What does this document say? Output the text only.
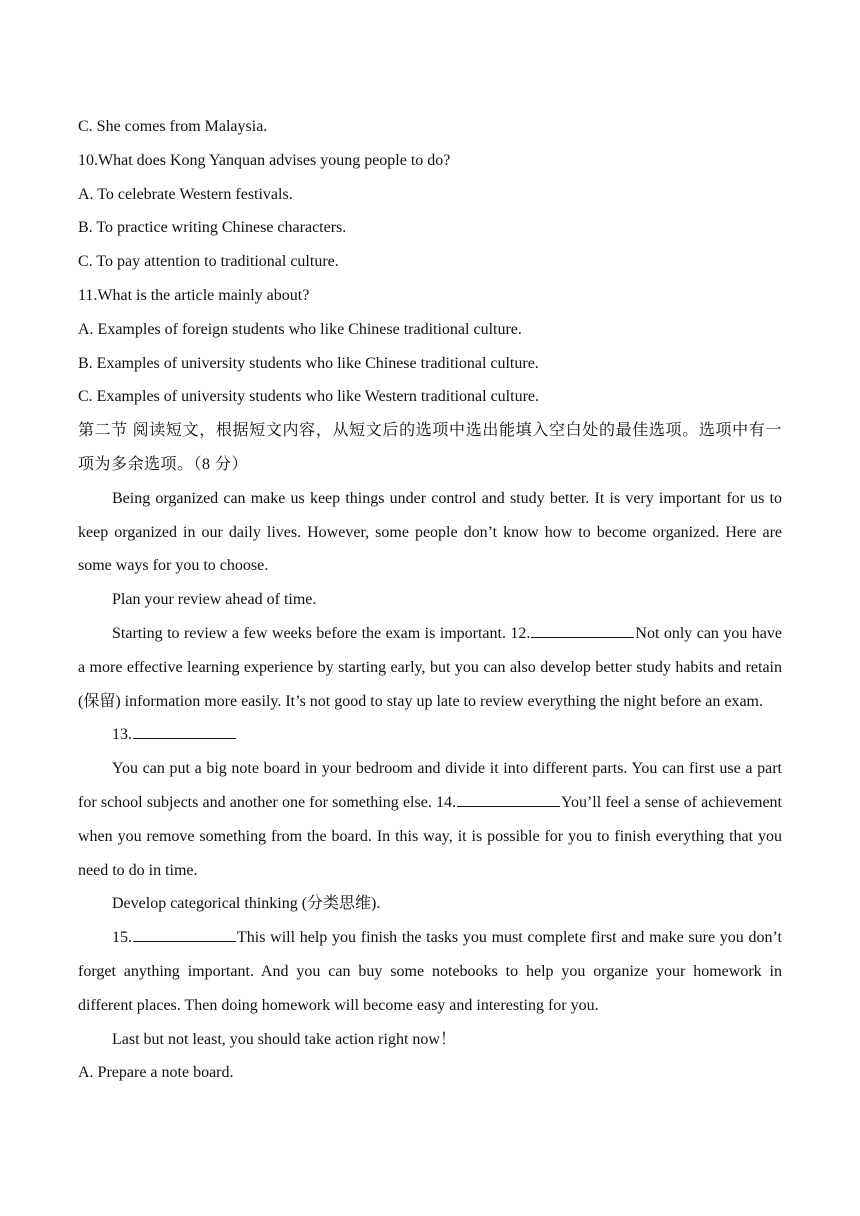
C. She comes from Malaysia.

10.What does Kong Yanquan advises young people to do?

A. To celebrate Western festivals.

B. To practice writing Chinese characters.

C. To pay attention to traditional culture.

11.What is the article mainly about?

A. Examples of foreign students who like Chinese traditional culture.

B. Examples of university students who like Chinese traditional culture.

C. Examples of university students who like Western traditional culture.

第二节 阅读短文，根据短文内容，从短文后的选项中选出能填入空白处的最佳选项。选项中有一项为多余选项。（8 分）

Being organized can make us keep things under control and study better. It is very important for us to keep organized in our daily lives. However, some people don’t know how to become organized. Here are some ways for you to choose.

Plan your review ahead of time.

Starting to review a few weeks before the exam is important. 12.	Not only can you have a more effective learning experience by starting early, but you can also develop better study habits and retain (保留) information more easily. It’s not good to stay up late to review everything the night before an exam.

13.

You can put a big note board in your bedroom and divide it into different parts. You can first use a part for school subjects and another one for something else. 14.	You’ll feel a sense of achievement when you remove something from the board. In this way, it is possible for you to finish everything that you need to do in time.

Develop categorical thinking (分类思维).

15.	This will help you finish the tasks you must complete first and make sure you don’t forget anything important. And you can buy some notebooks to help you organize your homework in different places. Then doing homework will become easy and interesting for you.

Last but not least, you should take action right now！

A. Prepare a note board.
